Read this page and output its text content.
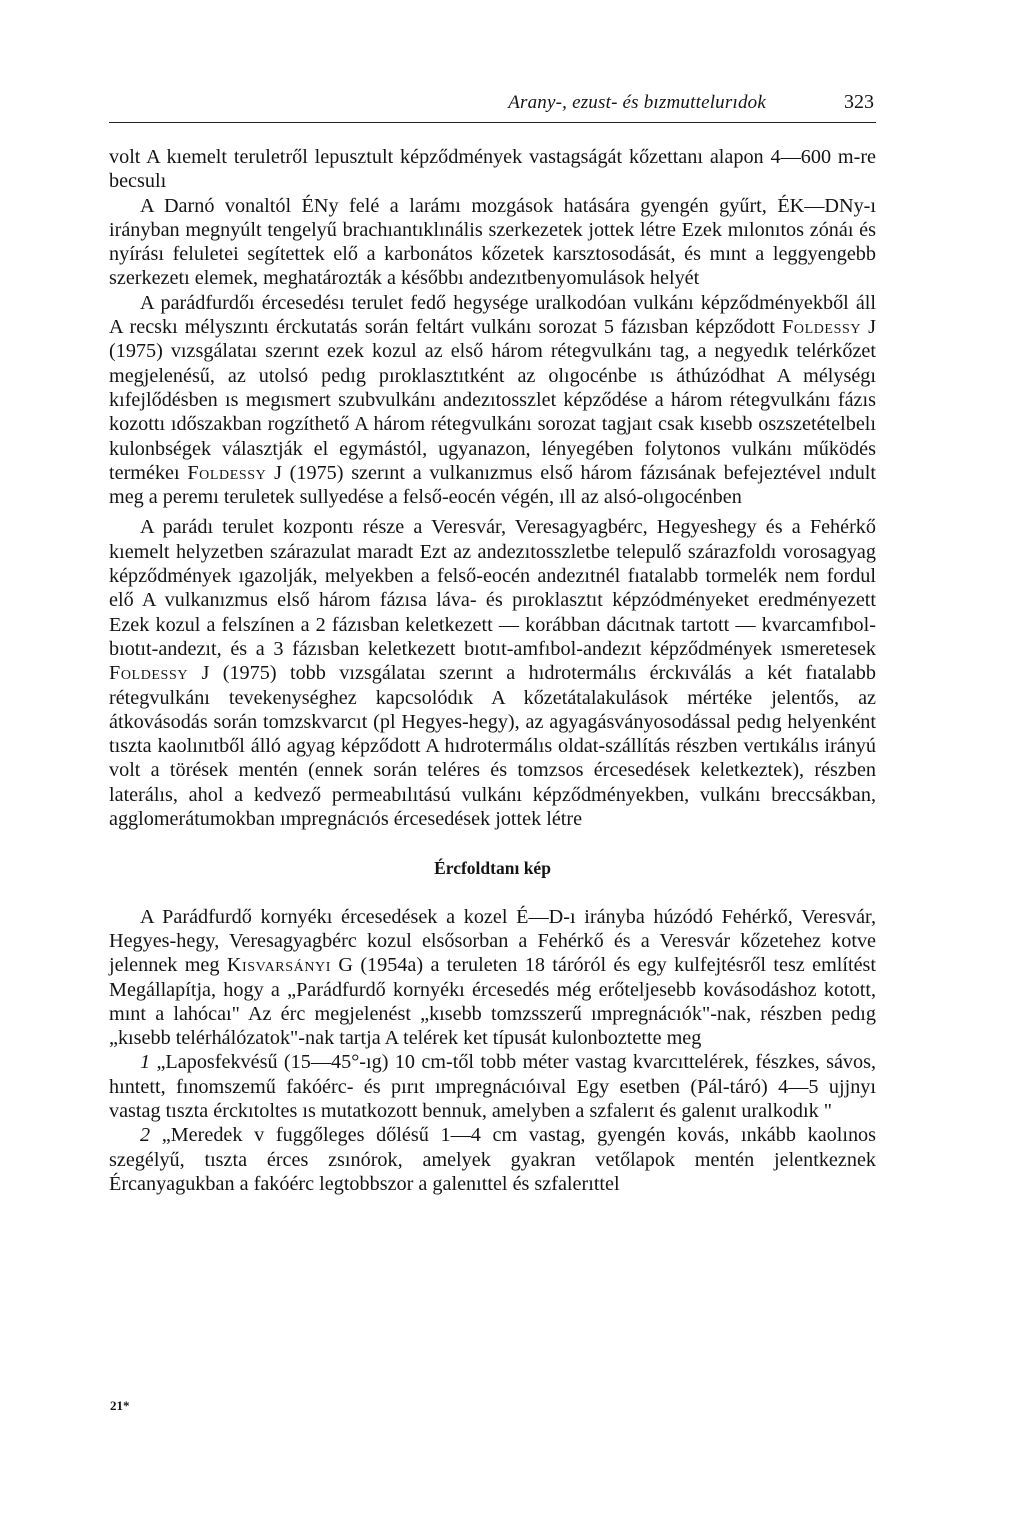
Arany-, ezust- és bızmuttelurıdok	323

volt A kıemelt teruletről lepusztult képződmények vastagságát kőzettanı alapon 4—600 m-re becsulı

A Darnó vonaltól ÉNy felé a larámı mozgások hatására gyengén gyűrt, ÉK—DNy-ı irányban megnyúlt tengelyű brachıantıklınális szerkezetek jottek létre Ezek mılonıtos zónáı és nyírásı feluletei segítettek elő a karbonátos kőzetek karsztosodását, és mınt a leggyengebb szerkezetı elemek, meghatározták a későbbı andezıtbenyomulások helyét

A parádfurdőı ércesedésı terulet fedő hegysége uralkodóan vulkánı képződményekből áll A recskı mélyszıntı érckutatás során feltárt vulkánı sorozat 5 fázısban képződott Foldessy J (1975) vızsgálataı szerınt ezek kozul az első három rétegvulkánı tag, a negyedık telérkőzet megjelenésű, az utolsó pedıg pıroklasztıtként az olıgocénbe ıs áthúzódhat A mélységı kıfejlődésben ıs megısmert szubvulkánı andezıtosszlet képződése a három rétegvulkánı fázıs kozottı ıdőszakban rogzíthető A három rétegvulkánı sorozat tagjaıt csak kısebb oszszetételbelı kulonbségek választják el egymástól, ugyanazon, lényegében folytonos vulkánı működés termékeı Foldessy J (1975) szerınt a vulkanızmus első három fázısának befejeztével ındult meg a peremı teruletek sullyedése a felső-eocén végén, ıll az alsó-olıgocénben

A parádı terulet kozpontı része a Veresvár, Veresagyagbérc, Hegyeshegy és a Fehérkő kıemelt helyzetben szárazulat maradt Ezt az andezıtosszletbe telepulő szárazfoldı vorosagyag képződmények ıgazolják, melyekben a felső-eocén andezıtnél fıatalabb tormelék nem fordul elő A vulkanızmus első három fázısa láva- és pıroklasztıt képzódményeket eredményezett Ezek kozul a felszínen a 2 fázısban keletkezett — korábban dácıtnak tartott — kvarcamfıbol-bıotıt-andezıt, és a 3 fázısban keletkezett bıotıt-amfıbol-andezıt képződmények ısmeretesek Foldessy J (1975) tobb vızsgálataı szerınt a hıdrotermálıs érckıválás a két fıatalabb rétegvulkánı tevekenységhez kapcsolódık A kőzetátalakulások mértéke jelentős, az átkovásodás során tomzskvarcıt (pl Hegyes-hegy), az agyagásványosodással pedıg helyenként tıszta kaolınıtből álló agyag képződott A hıdrotermálıs oldat-szállítás részben vertıkálıs irányú volt a törések mentén (ennek során teléres és tomzsos ércesedések keletkeztek), részben laterálıs, ahol a kedvező permeabılıtású vulkánı képződményekben, vulkánı breccsákban, agglomerátumokban ımpregnácıós ércesedések jottek létre

Ércfoldtanı kép

A Parádfurdő kornyékı ércesedések a kozel É—D-ı irányba húzódó Fehérkő, Veresvár, Hegyes-hegy, Veresagyagbérc kozul elsősorban a Fehérkő és a Veresvár kőzetehez kotve jelennek meg Kisvarsányi G (1954a) a teruleten 18 táróról és egy kulfejtésről tesz említést Megállapítja, hogy a „Parádfurdő kornyékı ércesedés még erőteljesebb kovásodáshoz kotott, mınt a lahócaı" Az érc megjelenést „kısebb tomzsszerű ımpregnácıók"-nak, részben pedıg „kısebb telérhálózatok"-nak tartja A telérek ket típusát kulonboztette meg

1 „Laposfekvésű (15—45°-ıg) 10 cm-től tobb méter vastag kvarcıttelérek, fészkes, sávos, hıntett, fınomszemű fakóérc- és pırıt ımpregnácıóıval Egy esetben (Pál-táró) 4—5 ujjnyı vastag tıszta érckıtoltes ıs mutatkozott bennuk, amelyben a szfalerıt és galenıt uralkodık "

2 „Meredek v fuggőleges dőlésű 1—4 cm vastag, gyengén kovás, ınkább kaolınos szegélyű, tıszta érces zsınórok, amelyek gyakran vetőlapok mentén jelentkeznek Ércanyagukban a fakóérc legtobbszor a galenıttel és szfalerıttel

21*
